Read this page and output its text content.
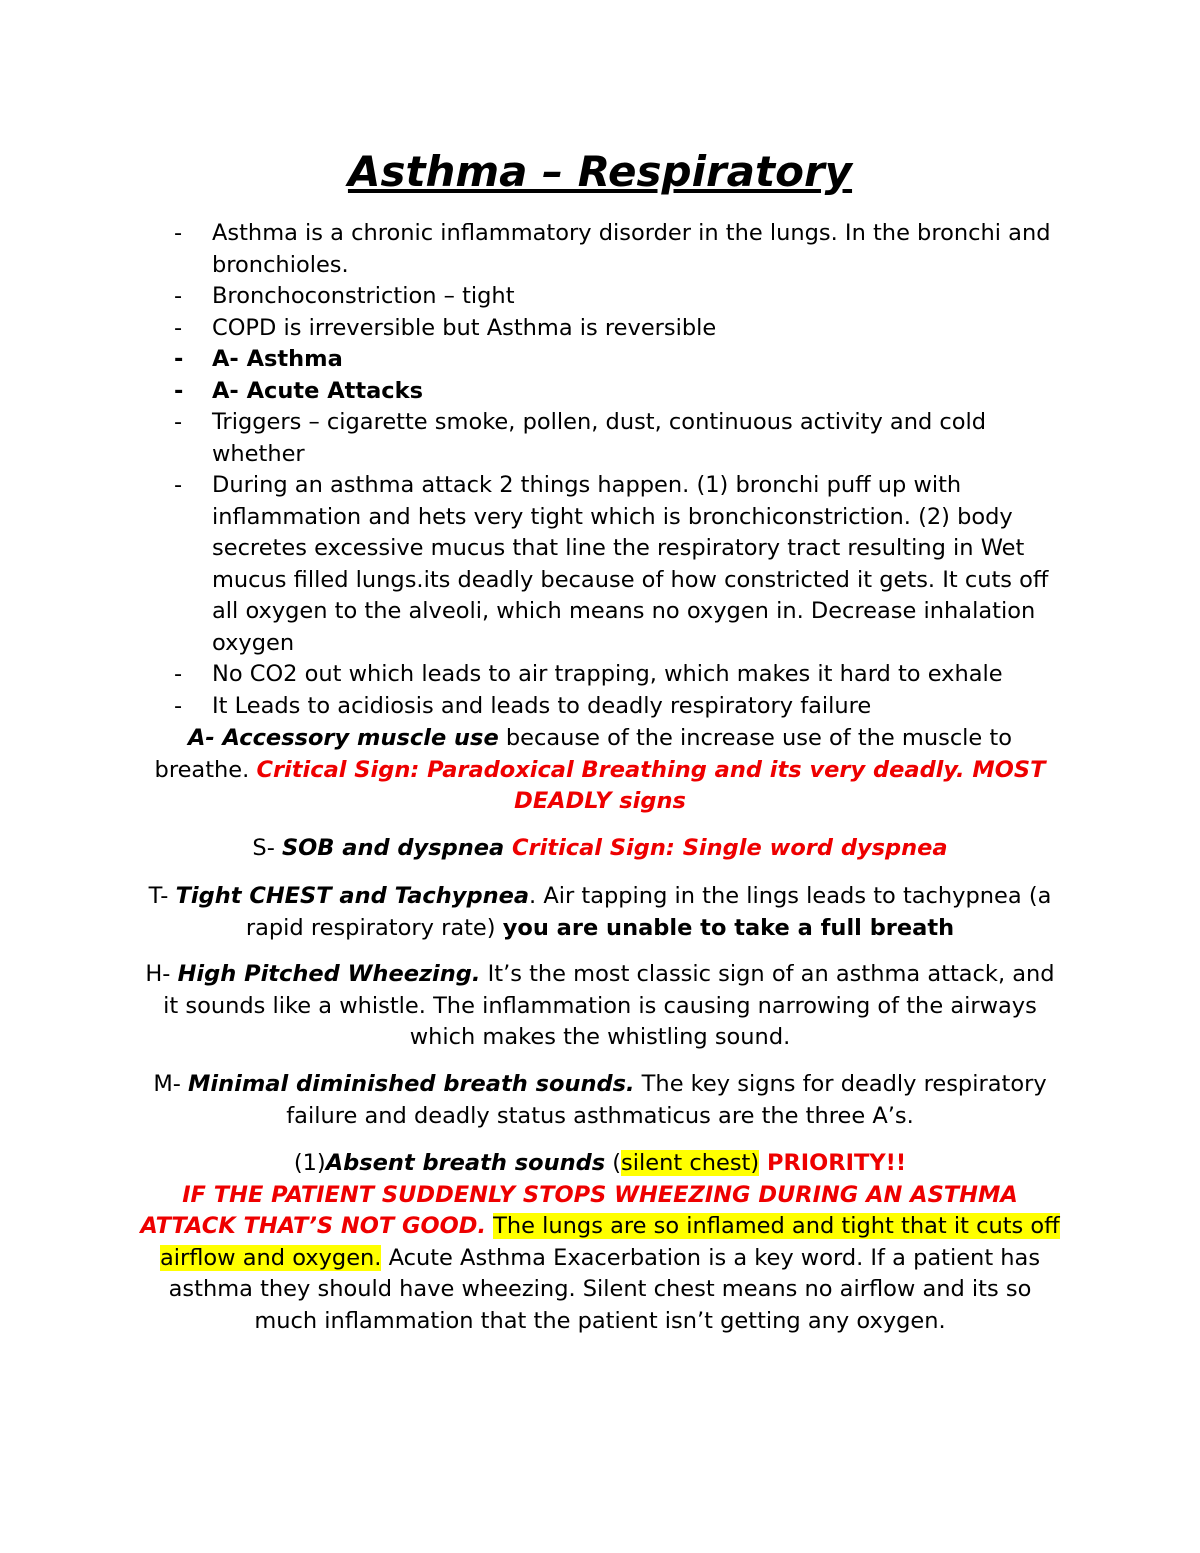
Asthma – Respiratory
- Asthma is a chronic inflammatory disorder in the lungs. In the bronchi and bronchioles.
- Bronchoconstriction – tight
- COPD is irreversible but Asthma is reversible
- A- Asthma
- A- Acute Attacks
- Triggers – cigarette smoke, pollen, dust, continuous activity and cold whether
- During an asthma attack 2 things happen. (1) bronchi puff up with inflammation and hets very tight which is bronchiconstriction. (2) body secretes excessive mucus that line the respiratory tract resulting in Wet mucus filled lungs.its deadly because of how constricted it gets. It cuts off all oxygen to the alveoli, which means no oxygen in. Decrease inhalation oxygen
- No CO2 out which leads to air trapping, which makes it hard to exhale
- It Leads to acidiosis and leads to deadly respiratory failure

A- Accessory muscle use because of the increase use of the muscle to breathe. Critical Sign: Paradoxical Breathing and its very deadly. MOST DEADLY signs

S- SOB and dyspnea Critical Sign: Single word dyspnea

T- Tight CHEST and Tachypnea. Air tapping in the lings leads to tachypnea (a rapid respiratory rate) you are unable to take a full breath

H- High Pitched Wheezing. It’s the most classic sign of an asthma attack, and it sounds like a whistle. The inflammation is causing narrowing of the airways which makes the whistling sound.

M- Minimal diminished breath sounds. The key signs for deadly respiratory failure and deadly status asthmaticus are the three A’s.

(1)Absent breath sounds (silent chest) PRIORITY!!
IF THE PATIENT SUDDENLY STOPS WHEEZING DURING AN ASTHMA ATTACK THAT’S NOT GOOD. The lungs are so inflamed and tight that it cuts off airflow and oxygen. Acute Asthma Exacerbation is a key word. If a patient has asthma they should have wheezing. Silent chest means no airflow and its so much inflammation that the patient isn’t getting any oxygen.
